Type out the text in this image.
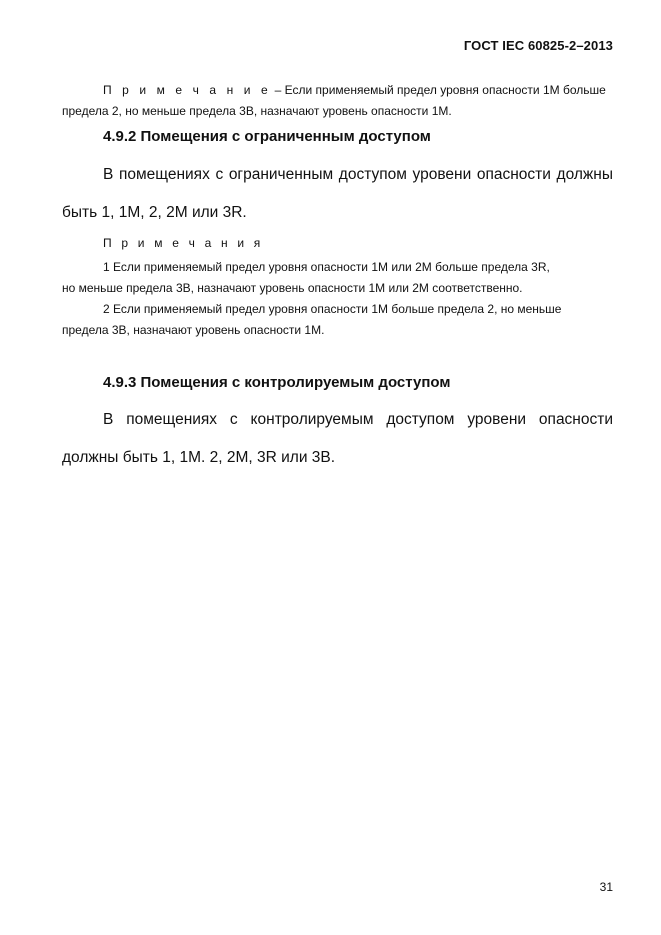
ГОСТ IEC 60825-2–2013
П р и м е ч а н и е – Если применяемый предел уровня опасности 1М больше
предела 2, но меньше предела 3В, назначают уровень опасности 1М.
4.9.2 Помещения с ограниченным доступом
В помещениях с ограниченным доступом уровени опасности должны
быть 1, 1М, 2, 2М или 3R.
П р и м е ч а н и я
1 Если применяемый предел уровня опасности 1М или 2М больше предела 3R,
но меньше предела 3В, назначают уровень опасности 1М или 2М соответственно.
2 Если применяемый предел уровня опасности 1М больше предела 2, но меньше
предела 3В, назначают уровень опасности 1М.
4.9.3 Помещения с контролируемым доступом
В помещениях с контролируемым доступом уровени опасности
должны быть 1, 1М. 2, 2М, 3R или 3В.
31
